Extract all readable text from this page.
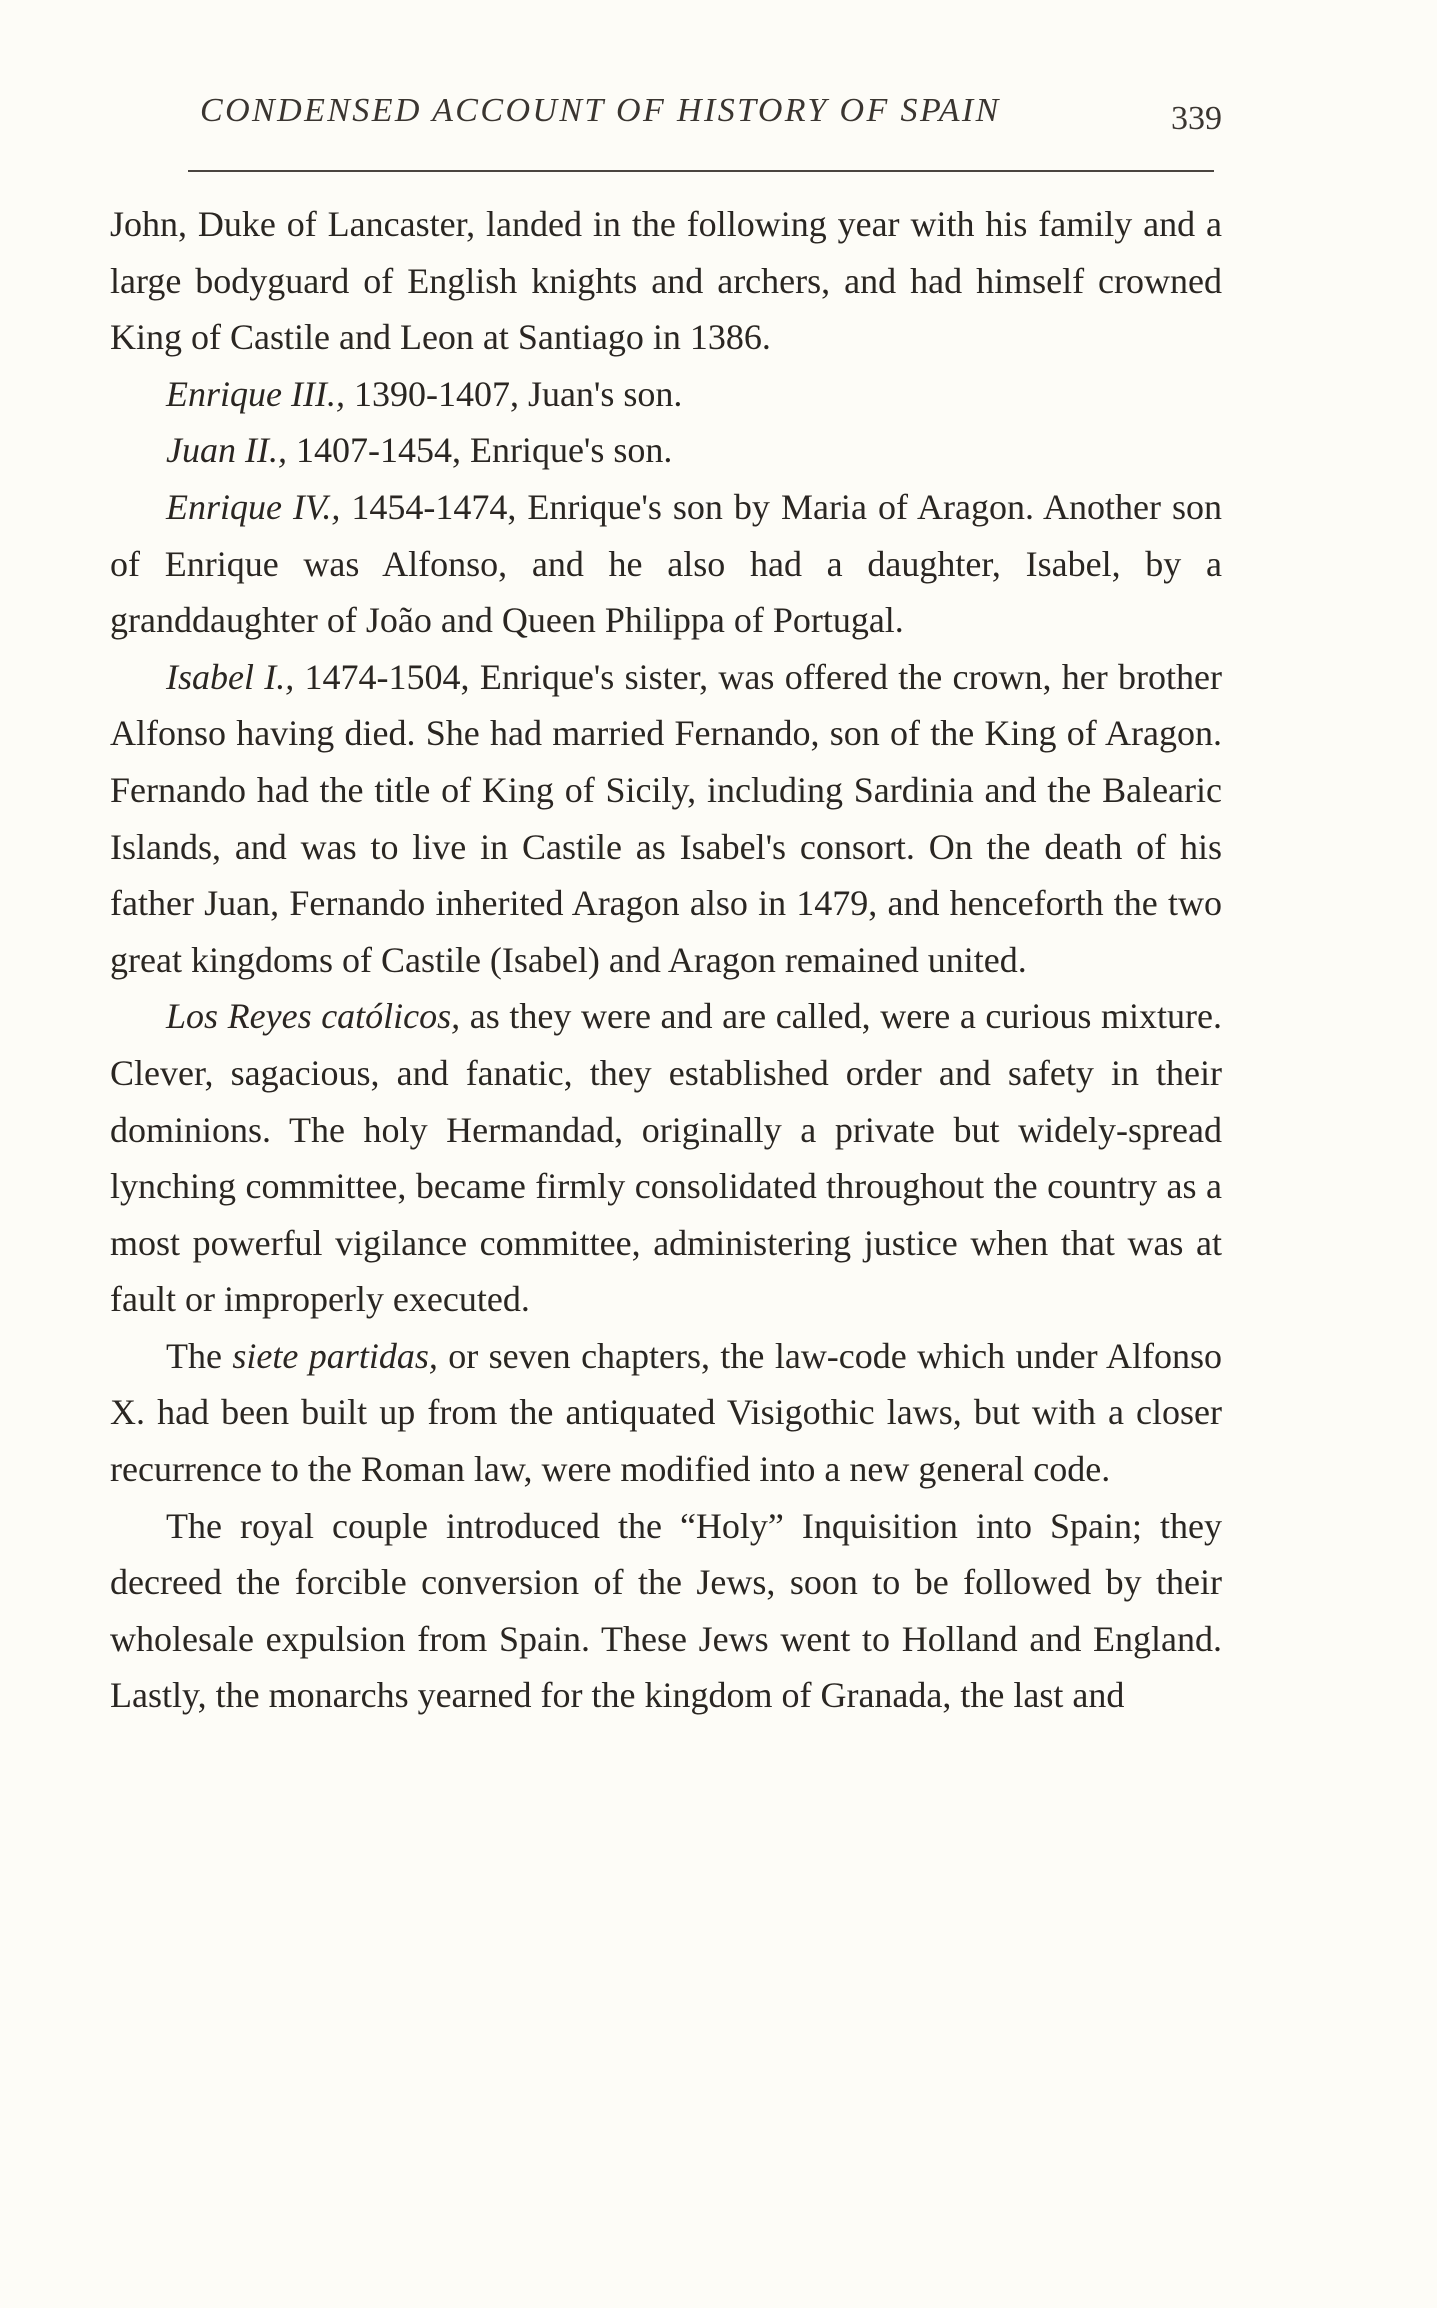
CONDENSED ACCOUNT OF HISTORY OF SPAIN	339

John, Duke of Lancaster, landed in the following year with his family and a large bodyguard of English knights and archers, and had himself crowned King of Castile and Leon at Santiago in 1386.

Enrique III., 1390-1407, Juan's son.

Juan II., 1407-1454, Enrique's son.

Enrique IV., 1454-1474, Enrique's son by Maria of Aragon. Another son of Enrique was Alfonso, and he also had a daughter, Isabel, by a granddaughter of João and Queen Philippa of Portugal.

Isabel I., 1474-1504, Enrique's sister, was offered the crown, her brother Alfonso having died. She had married Fernando, son of the King of Aragon. Fernando had the title of King of Sicily, including Sardinia and the Balearic Islands, and was to live in Castile as Isabel's consort. On the death of his father Juan, Fernando inherited Aragon also in 1479, and henceforth the two great kingdoms of Castile (Isabel) and Aragon remained united.

Los Reyes católicos, as they were and are called, were a curious mixture. Clever, sagacious, and fanatic, they established order and safety in their dominions. The holy Hermandad, originally a private but widely-spread lynching committee, became firmly consolidated throughout the country as a most powerful vigilance committee, administering justice when that was at fault or improperly executed.

The siete partidas, or seven chapters, the law-code which under Alfonso X. had been built up from the antiquated Visigothic laws, but with a closer recurrence to the Roman law, were modified into a new general code.

The royal couple introduced the “Holy” Inquisition into Spain; they decreed the forcible conversion of the Jews, soon to be followed by their wholesale expulsion from Spain. These Jews went to Holland and England. Lastly, the monarchs yearned for the kingdom of Granada, the last and
